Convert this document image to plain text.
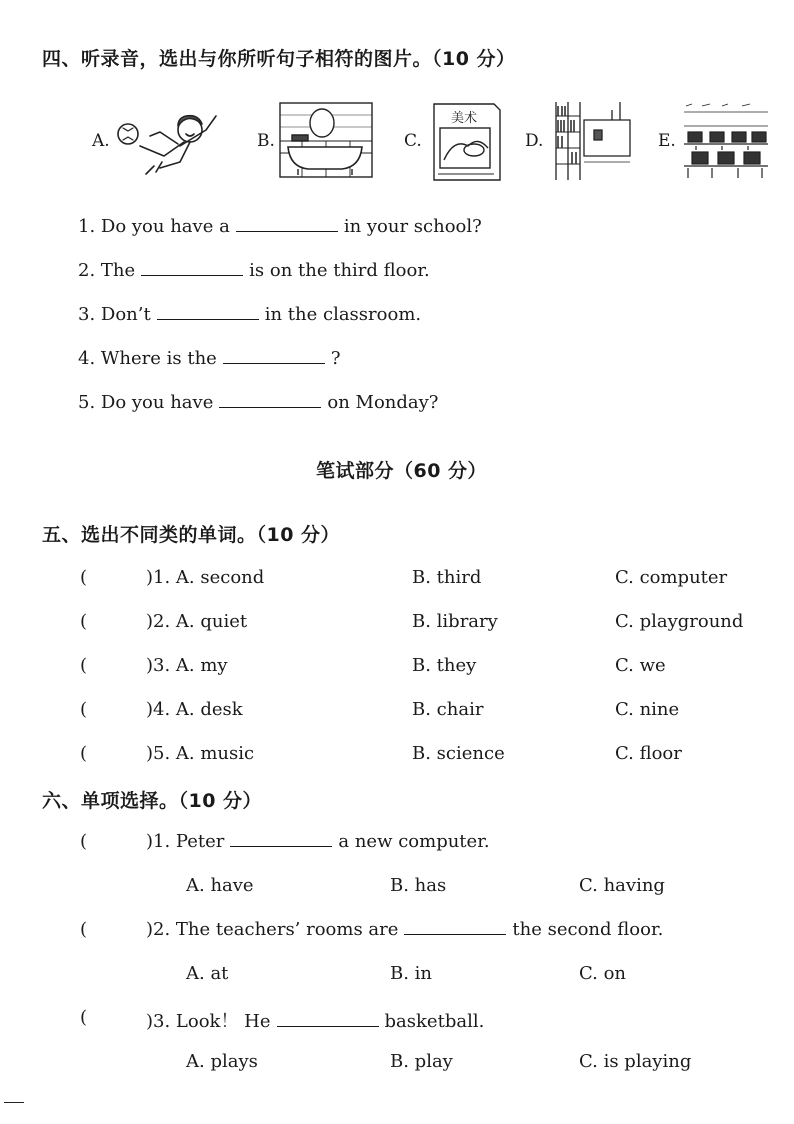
四、听录音，选出与你所听句子相符的图片。（10 分）
A.	B.	C.
美术
D.	E.
1. Do you have a	in your school?
2. The	is on the third floor.
3. Don’t	in the classroom.
4. Where is the	?
5. Do you have	on Monday?
笔试部分（60 分）
五、选出不同类的单词。（10 分）
(	)1. A. second	B. third	C. computer
(	)2. A. quiet	B. library	C. playground
(	)3. A. my	B. they	C. we
(	)4. A. desk	B. chair	C. nine
(	)5. A. music	B. science	C. floor
六、单项选择。（10 分）
(	)1. Peter	a new computer.
A. have	B. has	C. having
(	)2. The teachers’ rooms are	the second floor.
A. at	B. in	C. on
(	)3. Look！ He	basketball.
A. plays	B. play	C. is playing
